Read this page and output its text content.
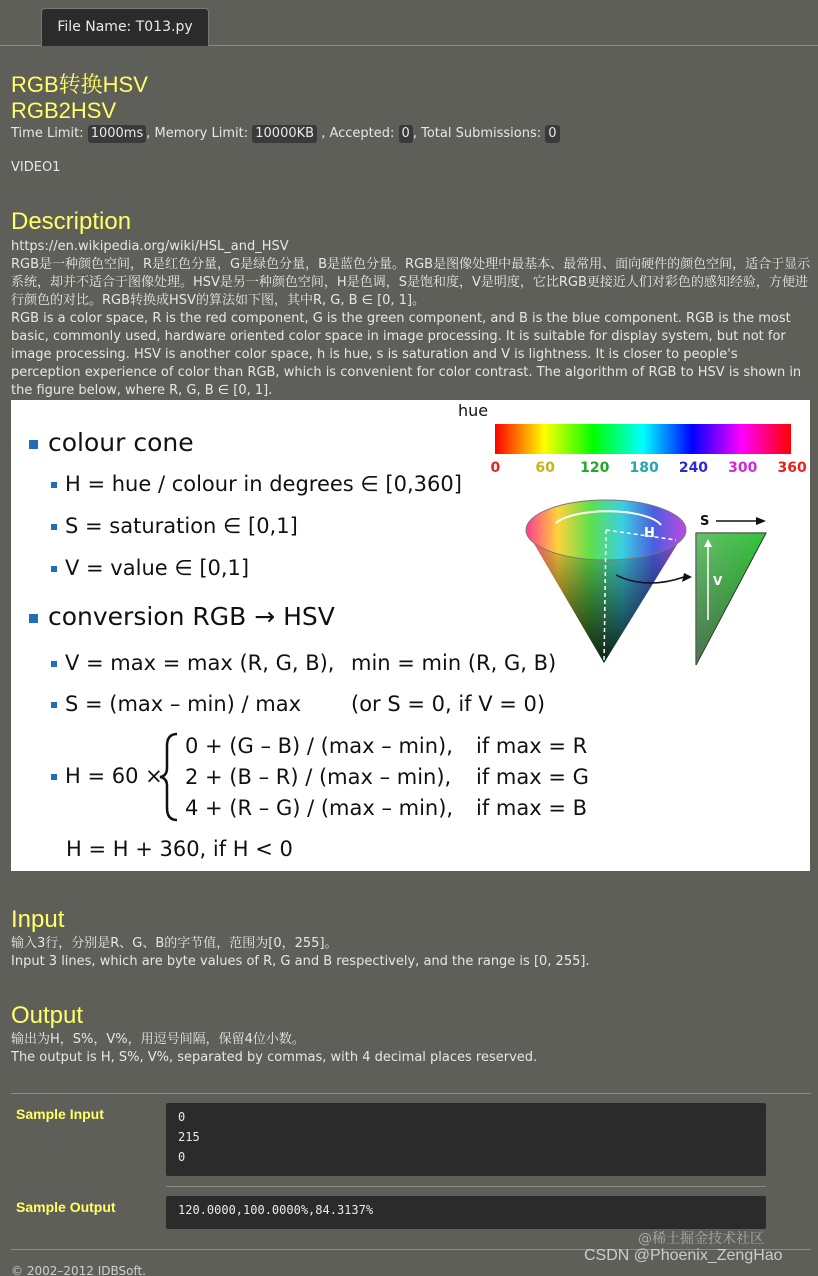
File Name: T013.py
RGB转换HSV
RGB2HSV
Time Limit: 1000ms , Memory Limit: 10000KB , Accepted: 0 , Total Submissions: 0
VIDEO1
Description
https://en.wikipedia.org/wiki/HSL_and_HSV
RGB是一种颜色空间，R是红色分量，G是绿色分量，B是蓝色分量。RGB是图像处理中最基本、最常用、面向硬件的颜色空间，适合于显示系统，却并不适合于图像处理。HSV是另一种颜色空间，H是色调，S是饱和度，V是明度，它比RGB更接近人们对彩色的感知经验，方便进行颜色的对比。RGB转换成HSV的算法如下图，其中R, G, B ∈ [0, 1]。
RGB is a color space, R is the red component, G is the green component, and B is the blue component. RGB is the most basic, commonly used, hardware oriented color space in image processing. It is suitable for display system, but not for image processing. HSV is another color space, h is hue, s is saturation and V is lightness. It is closer to people's perception experience of color than RGB, which is convenient for color contrast. The algorithm of RGB to HSV is shown in the figure below, where R, G, B ∈ [0, 1].
hue
0	60 120 180 240 300 360
H
V
S
colour cone
H = hue / colour in degrees ∈ [0,360]
S = saturation ∈ [0,1]
V = value ∈ [0,1]
conversion RGB → HSV
V = max = max (R, G, B), min = min (R, G, B)
S = (max – min) / max (or S = 0, if V = 0)
H = 60 ×
0 + (G – B) / (max – min),
2 + (B – R) / (max – min),
4 + (R – G) / (max – min),
if max = R
if max = G
if max = B
H = H + 360, if H < 0
Input
输入3行，分别是R、G、B的字节值，范围为[0，255]。
Input 3 lines, which are byte values of R, G and B respectively, and the range is [0, 255].
Output
输出为H，S%，V%，用逗号间隔，保留4位小数。
The output is H, S%, V%, separated by commas, with 4 decimal places reserved.
Sample Input	0
215
0
Sample Output	120.0000,100.0000%,84.3137%
© 2002–2012 IDBSoft.
@稀土掘金技术社区
CSDN @Phoenix_ZengHao
